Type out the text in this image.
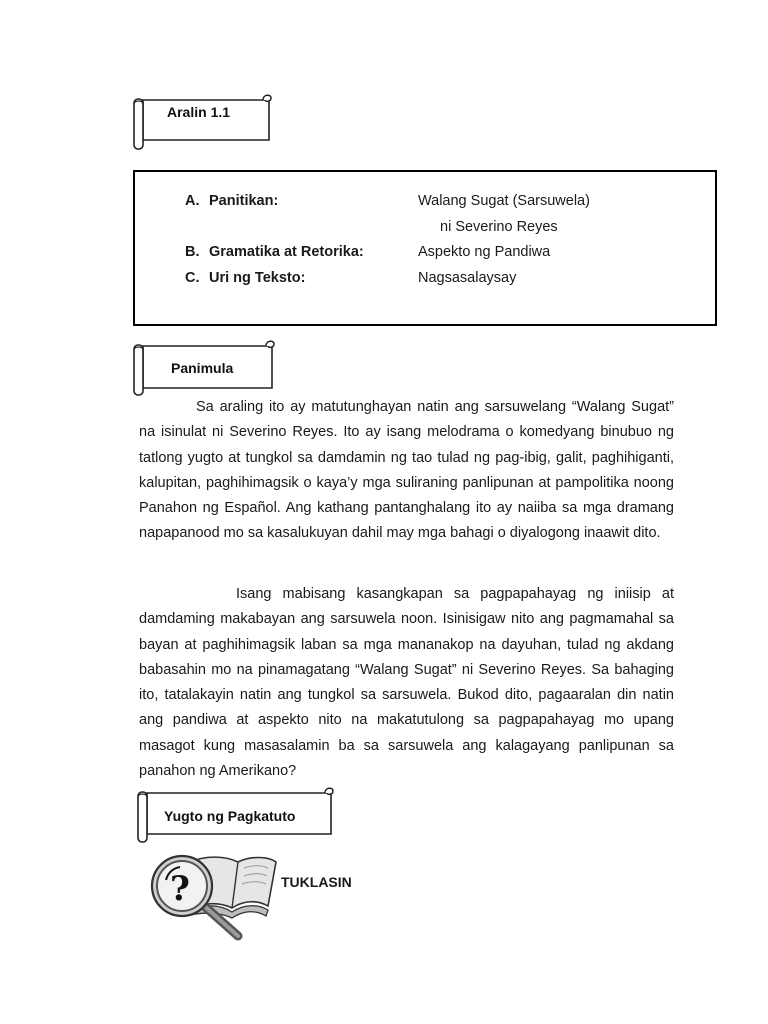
Aralin 1.1
A. Panitikan:	Walang Sugat (Sarsuwela)
ni Severino Reyes
B. Gramatika at Retorika:	Aspekto ng Pandiwa
C. Uri ng Teksto:	Nagsasalaysay
Panimula

Sa araling ito ay matutunghayan natin ang sarsuwelang “Walang Sugat” na isinulat ni Severino Reyes. Ito ay isang melodrama o komedyang binubuo ng tatlong yugto at tungkol sa damdamin ng tao tulad ng pag-ibig, galit, paghihiganti, kalupitan, paghihimagsik o kaya’y mga suliraning panlipunan at pampolitika noong Panahon ng Español. Ang kathang pantanghalang ito ay naiiba sa mga dramang napapanood mo sa kasalukuyan dahil may mga bahagi o diyalogong inaawit dito.

Isang mabisang kasangkapan sa pagpapahayag ng iniisip at damdaming makabayan ang sarsuwela noon. Isinisigaw nito ang pagmamahal sa bayan at paghihimagsik laban sa mga mananakop na dayuhan, tulad ng akdang babasahin mo na pinamagatang “Walang Sugat” ni Severino Reyes. Sa bahaging ito, tatalakayin natin ang tungkol sa sarsuwela. Bukod dito, pagaaralan din natin ang pandiwa at aspekto nito na makatutulong sa pagpapahayag mo upang masagot kung masasalamin ba sa sarsuwela ang kalagayang panlipunan sa panahon ng Amerikano?

Yugto ng Pagkatuto
?	TUKLASIN
